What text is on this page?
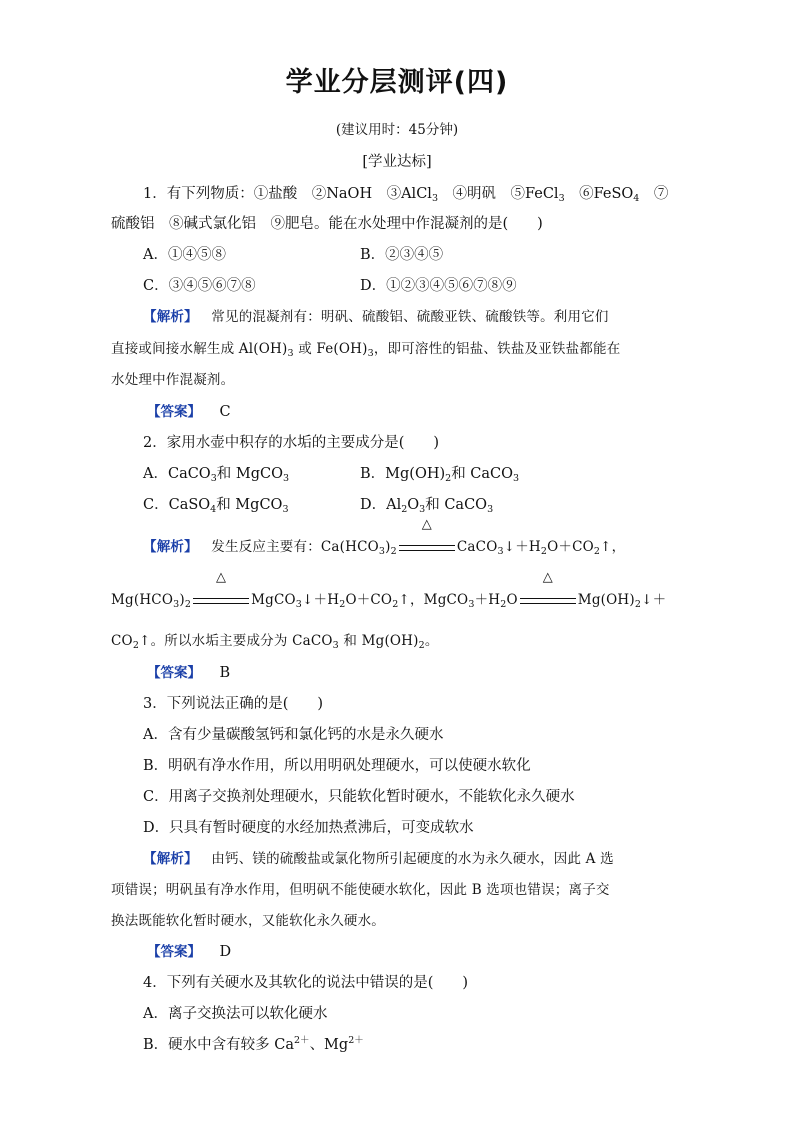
学业分层测评(四)
(建议用时：45分钟)
[学业达标]
1．有下列物质：①盐酸　②NaOH　③AlCl$_3$　④明矾　⑤FeCl$_3$　⑥FeSO$_4$　⑦
硫酸铝　⑧碱式氯化铝　⑨肥皂。能在水处理中作混凝剂的是(　　)
A．①④⑤⑧	B．②③④⑤
C．③④⑤⑥⑦⑧	D．①②③④⑤⑥⑦⑧⑨
【解析】 常见的混凝剂有：明矾、硫酸铝、硫酸亚铁、硫酸铁等。利用它们
直接或间接水解生成 $Al(OH)_3$ 或 $Fe(OH)_3$，即可溶性的铝盐、铁盐及亚铁盐都能在
水处理中作混凝剂。
【答案】 C
2．家用水壶中积存的水垢的主要成分是(　　)
A．CaCO$_3$和 MgCO$_3$	B．$Mg(OH)_2$和 CaCO$_3$
C．CaSO$_4$和 MgCO$_3$	D．$Al_2O_3$和 CaCO$_3$
【解析】 发生反应主要有：$Ca(HCO_3)_2$
△
$CaCO_3↓+H_2O+CO_2↑$，
$Mg(HCO_3)_2$
△
$MgCO_3↓+H_2O+CO_2↑$，$MgCO_3+H_2O$
△
$Mg(OH)_2↓+$
$CO_2↑$。所以水垢主要成分为 CaCO$_3$ 和 $Mg(OH)_2$。
【答案】 B
3．下列说法正确的是(　　)
A．含有少量碳酸氢钙和氯化钙的水是永久硬水
B．明矾有净水作用，所以用明矾处理硬水，可以使硬水软化
C．用离子交换剂处理硬水，只能软化暂时硬水，不能软化永久硬水
D．只具有暂时硬度的水经加热煮沸后，可变成软水
【解析】 由钙、镁的硫酸盐或氯化物所引起硬度的水为永久硬水，因此 A 选
项错误；明矾虽有净水作用，但明矾不能使硬水软化，因此 B 选项也错误；离子交
换法既能软化暂时硬水，又能软化永久硬水。
【答案】 D
4．下列有关硬水及其软化的说法中错误的是(　　)
A．离子交换法可以软化硬水
B．硬水中含有较多 $Ca^{2+}$、$Mg^{2+}$
